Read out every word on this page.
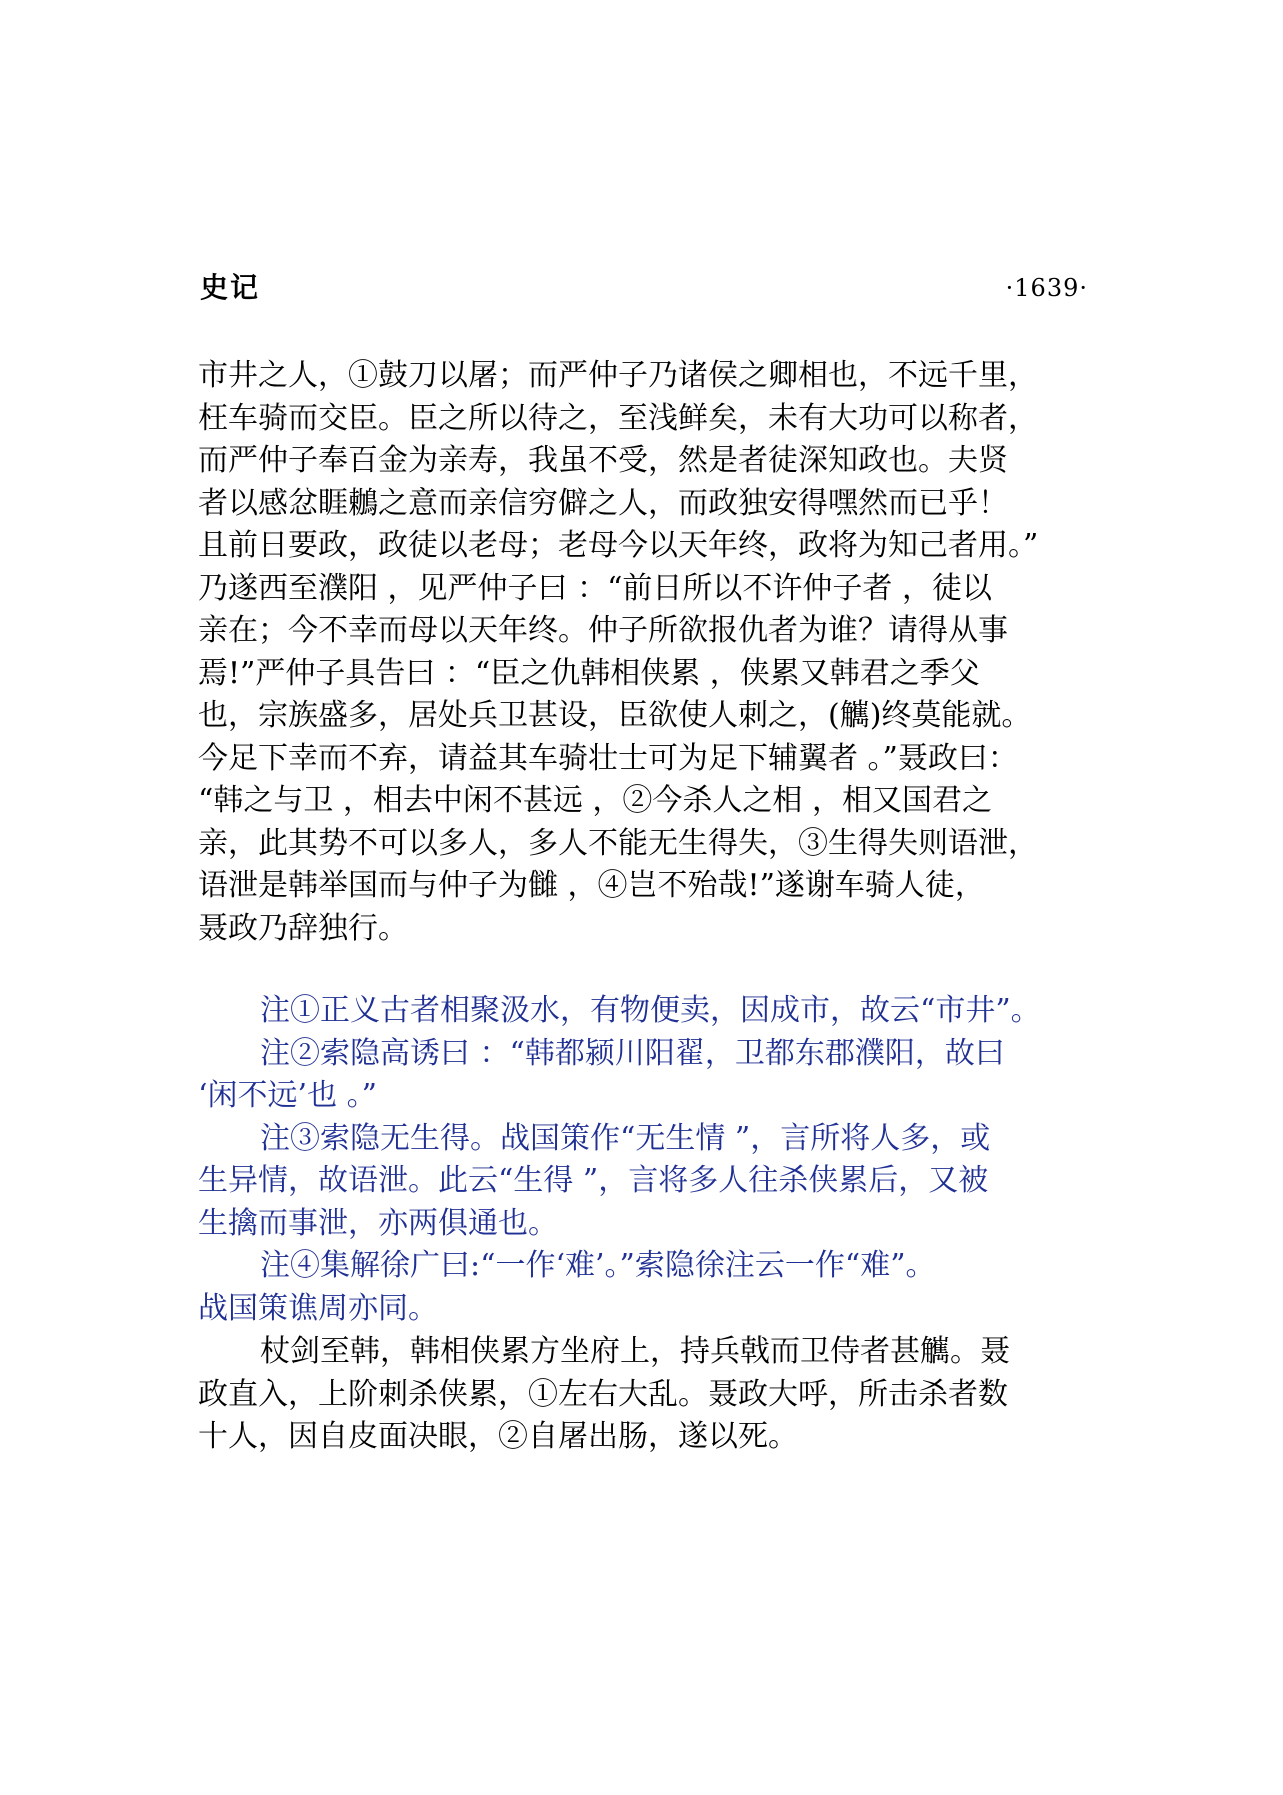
史记	·1639·
市井之人，①鼓刀以屠；而严仲子乃诸侯之卿相也，不远千里，
枉车骑而交臣。臣之所以待之，至浅鲜矣，未有大功可以称者，
而严仲子奉百金为亲寿，我虽不受，然是者徒深知政也。夫贤
者以感忿睚鶒之意而亲信穷僻之人，而政独安得嘿然而已乎！
且前日要政，政徒以老母；老母今以天年终，政将为知己者用。”
乃遂西至濮阳 ，见严仲子曰 ：“前日所以不许仲子者 ，徒以
亲在；今不幸而母以天年终。仲子所欲报仇者为谁？请得从事
焉!”严仲子具告曰 ：“臣之仇韩相侠累 ，侠累又韩君之季父
也，宗族盛多，居处兵卫甚设，臣欲使人刺之，(觽)终莫能就。
今足下幸而不弃，请益其车骑壮士可为足下辅翼者 。”聂政曰：
“韩之与卫 ，相去中闲不甚远 ，②今杀人之相 ，相又国君之
亲，此其势不可以多人，多人不能无生得失，③生得失则语泄，
语泄是韩举国而与仲子为雠 ，④岂不殆哉!”遂谢车骑人徒，
聂政乃辞独行。
注①正义古者相聚汲水，有物便卖，因成市，故云“市井”。
注②索隐高诱曰 ：“韩都颍川阳翟，卫都东郡濮阳，故曰
‘闲不远’也 。”
注③索隐无生得。战国策作“无生情 ”，言所将人多，或
生异情，故语泄。此云“生得 ”，言将多人往杀侠累后，又被
生擒而事泄，亦两俱通也。
注④集解徐广曰:“一作‘难’。”索隐徐注云一作“难”。
战国策谯周亦同。
杖剑至韩，韩相侠累方坐府上，持兵戟而卫侍者甚觽。聂
政直入，上阶刺杀侠累，①左右大乱。聂政大呼，所击杀者数
十人，因自皮面决眼，②自屠出肠，遂以死。
